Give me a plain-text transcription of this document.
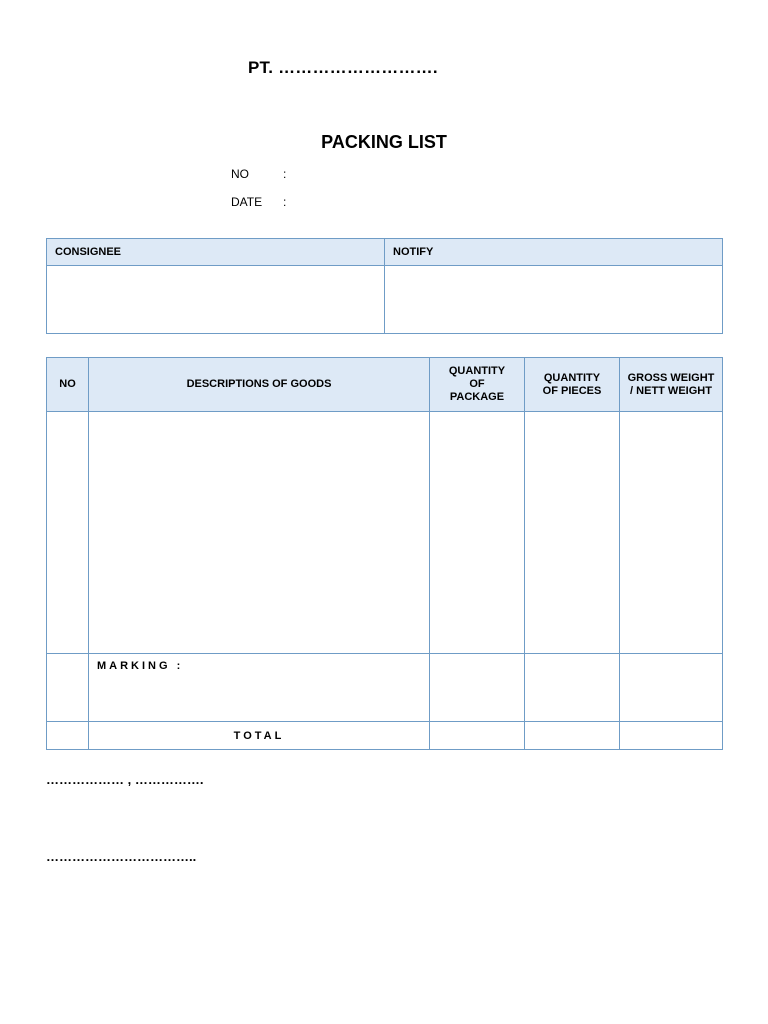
PT. ……………………….
PACKING LIST
NO	:
DATE :
CONSIGNEE	NOTIFY

NO	DESCRIPTIONS OF GOODS	QUANTITY OF PACKAGE	QUANTITY OF PIECES	GROSS WEIGHT / NETT WEIGHT

	MARKING :			

	TOTAL			

……………… , …………….
……………………………..
